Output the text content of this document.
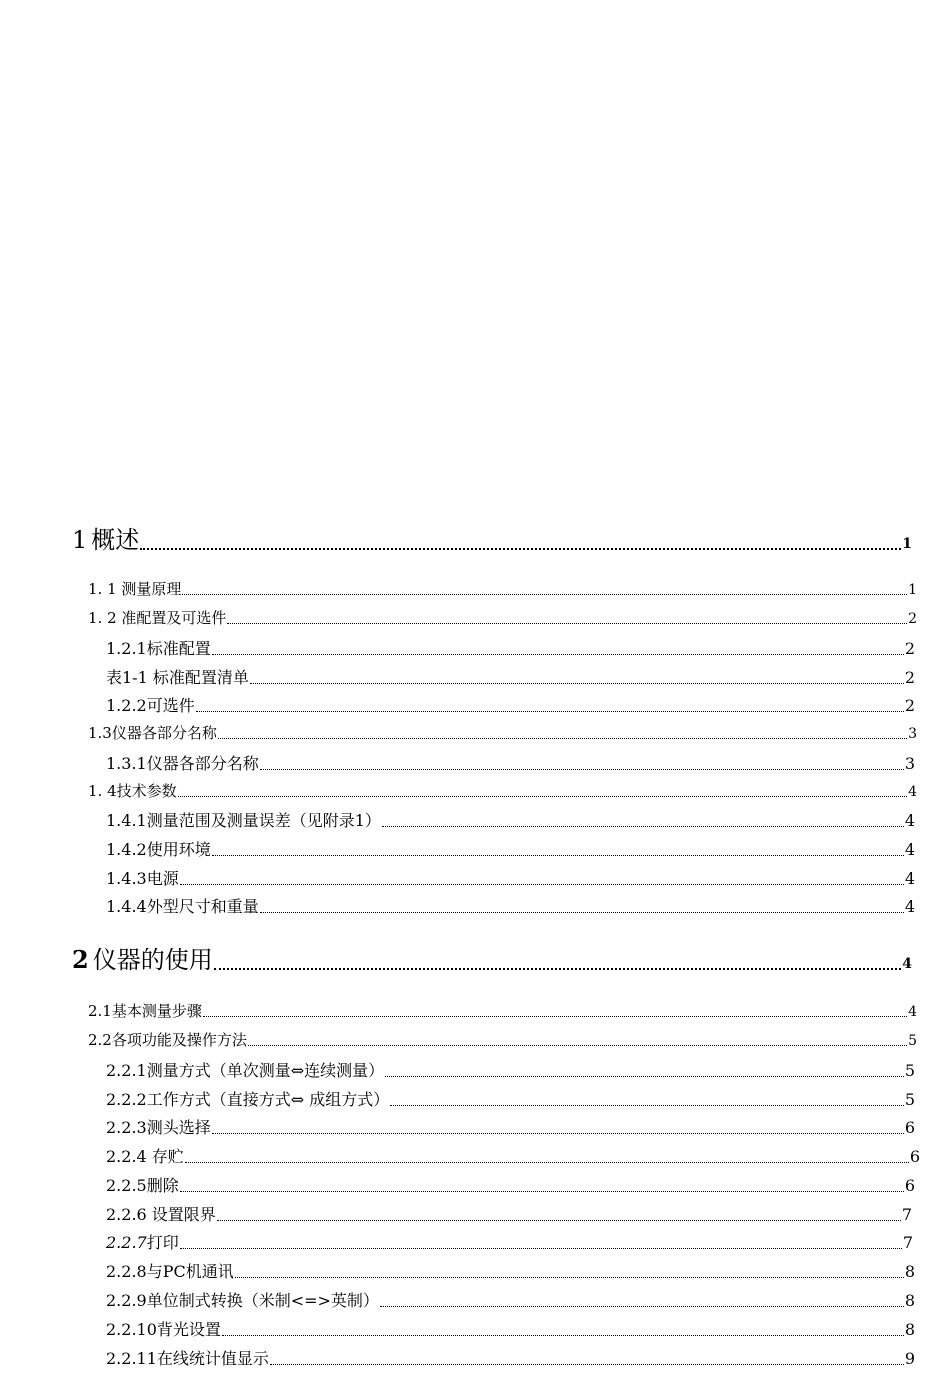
1 概述	1
1. 1 测量原理	1
1. 2 准配置及可选件	2
1.2.1标准配置	2
表1-1 标准配置清单	2
1.2.2可选件	2
1.3仪器各部分名称	3
1.3.1仪器各部分名称	3
1. 4技术参数	4
1.4.1测量范围及测量误差（见附录1）	4
1.4.2使用环境	4
1.4.3电源	4
1.4.4外型尺寸和重量	4
2 仪器的使用	4
2.1基本测量步骤	4
2.2各项功能及操作方法	5
2.2.1测量方式（单次测量⇔连续测量）	5
2.2.2工作方式（直接方式⇔ 成组方式）	5
2.2.3测头选择	6
2.2.4 存贮	6
2.2.5删除	6
2.2.6 设置限界	7
2.2.7打印	7
2.2.8与PC机通讯	8
2.2.9单位制式转换（米制<=>英制）	8
2.2.10背光设置	8
2.2.11在线统计值显示	9
